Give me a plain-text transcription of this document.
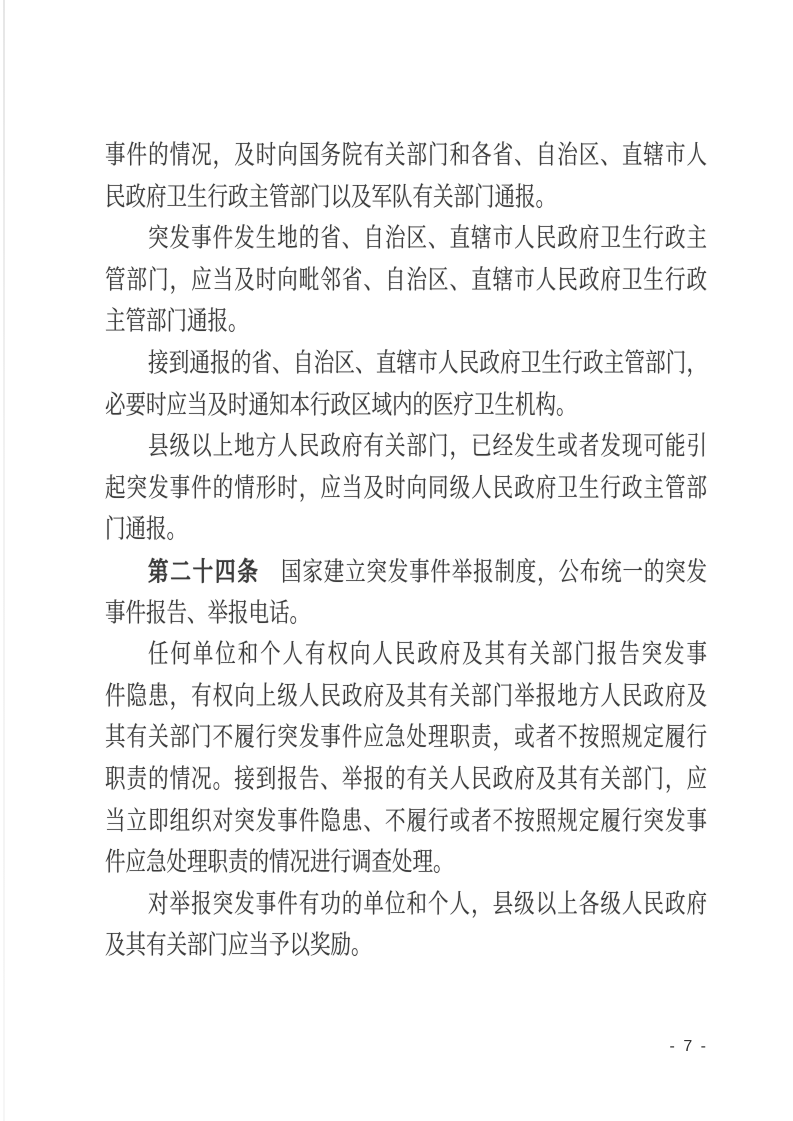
事件的情况，及时向国务院有关部门和各省、自治区、直辖市人
民政府卫生行政主管部门以及军队有关部门通报。
突发事件发生地的省、自治区、直辖市人民政府卫生行政主
管部门，应当及时向毗邻省、自治区、直辖市人民政府卫生行政
主管部门通报。
接到通报的省、自治区、直辖市人民政府卫生行政主管部门，
必要时应当及时通知本行政区域内的医疗卫生机构。
县级以上地方人民政府有关部门，已经发生或者发现可能引
起突发事件的情形时，应当及时向同级人民政府卫生行政主管部
门通报。
第二十四条　国家建立突发事件举报制度，公布统一的突发
事件报告、举报电话。
任何单位和个人有权向人民政府及其有关部门报告突发事
件隐患，有权向上级人民政府及其有关部门举报地方人民政府及
其有关部门不履行突发事件应急处理职责，或者不按照规定履行
职责的情况。接到报告、举报的有关人民政府及其有关部门，应
当立即组织对突发事件隐患、不履行或者不按照规定履行突发事
件应急处理职责的情况进行调查处理。
对举报突发事件有功的单位和个人，县级以上各级人民政府
及其有关部门应当予以奖励。
- 7 -
